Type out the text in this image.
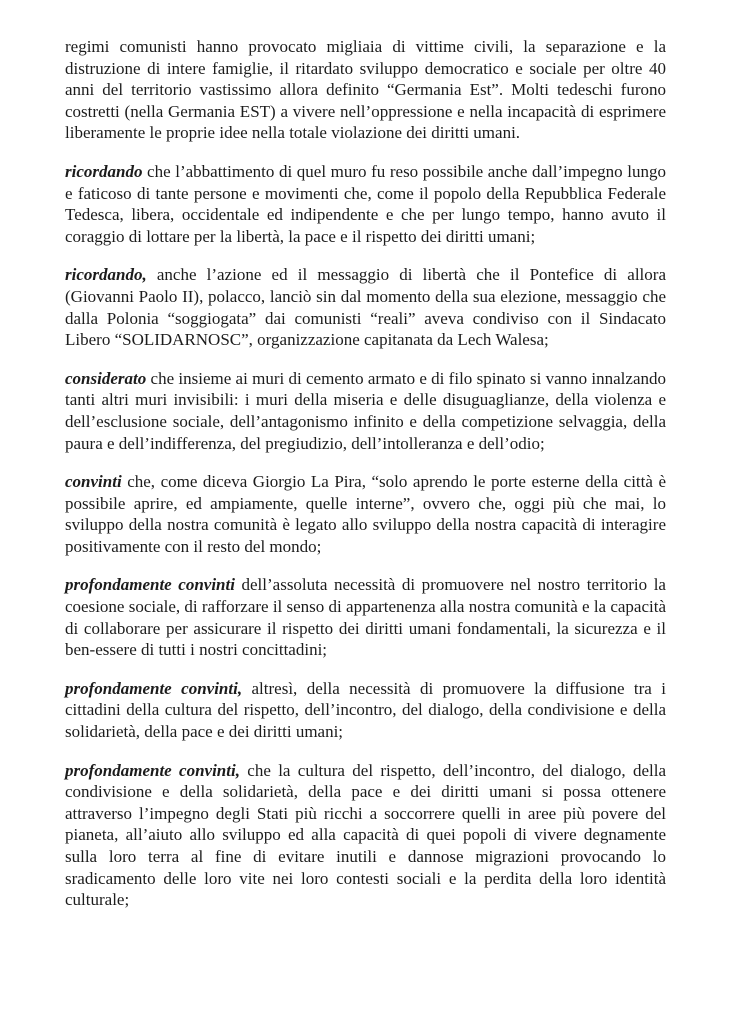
regimi comunisti hanno provocato migliaia di vittime civili, la separazione e la distruzione di intere famiglie, il ritardato sviluppo democratico e sociale per oltre 40 anni del territorio vastissimo allora definito “Germania Est”. Molti tedeschi furono costretti (nella Germania EST) a vivere nell’oppressione e nella incapacità di esprimere liberamente le proprie idee nella totale violazione dei diritti umani.

ricordando che l’abbattimento di quel muro fu reso possibile anche dall’impegno lungo e faticoso di tante persone e movimenti che, come il popolo della Repubblica Federale Tedesca, libera, occidentale ed indipendente e che per lungo tempo, hanno avuto il coraggio di lottare per la libertà, la pace e il rispetto dei diritti umani;

ricordando, anche l’azione ed il messaggio di libertà che il Pontefice di allora (Giovanni Paolo II), polacco, lanciò sin dal momento della sua elezione, messaggio che dalla Polonia “soggiogata” dai comunisti “reali” aveva condiviso con il Sindacato Libero “SOLIDARNOSC”, organizzazione capitanata da Lech Walesa;

considerato che insieme ai muri di cemento armato e di filo spinato si vanno innalzando tanti altri muri invisibili: i muri della miseria e delle disuguaglianze, della violenza e dell’esclusione sociale, dell’antagonismo infinito e della competizione selvaggia, della paura e dell’indifferenza, del pregiudizio, dell’intolleranza e dell’odio;

convinti che, come diceva Giorgio La Pira, “solo aprendo le porte esterne della città è possibile aprire, ed ampiamente, quelle interne”, ovvero che, oggi più che mai, lo sviluppo della nostra comunità è legato allo sviluppo della nostra capacità di interagire positivamente con il resto del mondo;

profondamente convinti dell’assoluta necessità di promuovere nel nostro territorio la coesione sociale, di rafforzare il senso di appartenenza alla nostra comunità e la capacità di collaborare per assicurare il rispetto dei diritti umani fondamentali, la sicurezza e il ben-essere di tutti i nostri concittadini;

profondamente convinti, altresì, della necessità di promuovere la diffusione tra i cittadini della cultura del rispetto, dell’incontro, del dialogo, della condivisione e della solidarietà, della pace e dei diritti umani;

profondamente convinti, che la cultura del rispetto, dell’incontro, del dialogo, della condivisione e della solidarietà, della pace e dei diritti umani si possa ottenere attraverso l’impegno degli Stati più ricchi a soccorrere quelli in aree più povere del pianeta, all’aiuto allo sviluppo ed alla capacità di quei popoli di vivere degnamente sulla loro terra al fine di evitare inutili e dannose migrazioni provocando lo sradicamento delle loro vite nei loro contesti sociali e la perdita della loro identità culturale;
